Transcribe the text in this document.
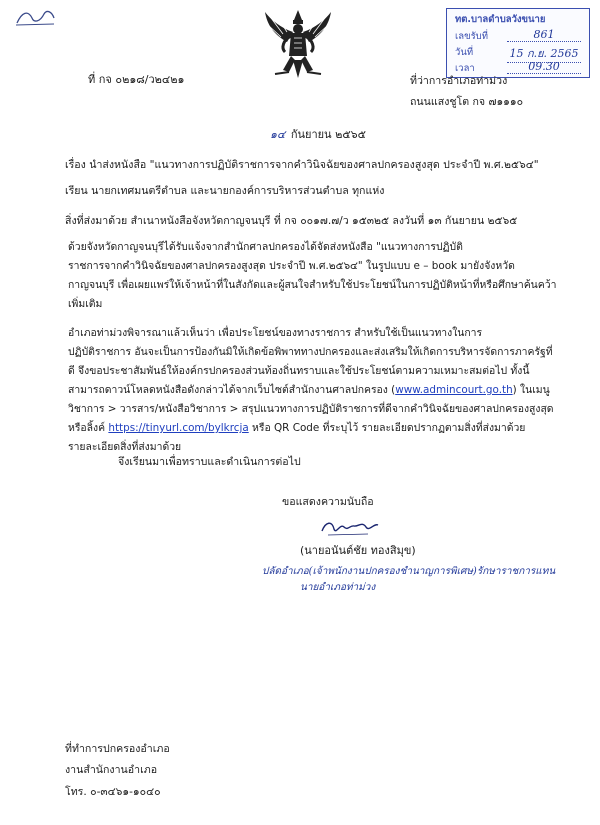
ทต.บาลดำบลวังขนาย
เลขรับที่	861
วันที่	15 ก.ย. 2565
เวลา	09.30
ที่ กจ ๐๒๑๘/ว๒๔๒๑	ที่ว่าการอำเภอท่าม่วง
ถนนแสงชูโต กจ ๗๑๑๑๐
๑๔ กันยายน ๒๕๖๕
เรื่อง นำส่งหนังสือ "แนวทางการปฏิบัติราชการจากคำวินิจฉัยของศาลปกครองสูงสุด ประจำปี พ.ศ.๒๕๖๔"
เรียน นายกเทศมนตรีตำบล และนายกองค์การบริหารส่วนตำบล ทุกแห่ง
สิ่งที่ส่งมาด้วย สำเนาหนังสือจังหวัดกาญจนบุรี ที่ กจ ๐๐๑๗.๗/ว ๑๕๓๒๕ ลงวันที่ ๑๓ กันยายน ๒๕๖๕
ด้วยจังหวัดกาญจนบุรีได้รับแจ้งจากสำนักศาลปกครองได้จัดส่งหนังสือ "แนวทางการปฏิบัติ
ราชการจากคำวินิจฉัยของศาลปกครองสูงสุด ประจำปี พ.ศ.๒๕๖๔" ในรูปแบบ e – book มายังจังหวัด
กาญจนบุรี เพื่อเผยแพร่ให้เจ้าหน้าที่ในสังกัดและผู้สนใจสำหรับใช้ประโยชน์ในการปฏิบัติหน้าที่หรือศึกษาค้นคว้า
เพิ่มเติม
อำเภอท่าม่วงพิจารณาแล้วเห็นว่า เพื่อประโยชน์ของทางราชการ สำหรับใช้เป็นแนวทางในการ
ปฏิบัติราชการ อันจะเป็นการป้องกันมิให้เกิดข้อพิพาททางปกครองและส่งเสริมให้เกิดการบริหารจัดการภาครัฐที่
ดี จึงขอประชาสัมพันธ์ให้องค์กรปกครองส่วนท้องถิ่นทราบและใช้ประโยชน์ตามความเหมาะสมต่อไป ทั้งนี้
สามารถดาวน์โหลดหนังสือดังกล่าวได้จากเว็บไซต์สำนักงานศาลปกครอง (www.admincourt.go.th) ในเมนู
วิชาการ > วารสาร/หนังสือวิชาการ > สรุปแนวทางการปฏิบัติราชการที่ดีจากคำวินิจฉัยของศาลปกครองสูงสุด
หรือลิ้งค์ https://tinyurl.com/bylkrcja หรือ QR Code ที่ระบุไว้ รายละเอียดปรากฏตามสิ่งที่ส่งมาด้วย
รายละเอียดสิ่งที่ส่งมาด้วย
จึงเรียนมาเพื่อทราบและดำเนินการต่อไป
ขอแสดงความนับถือ
(นายอนันต์ชัย ทองสิมุข)
ปลัดอำเภอ(เจ้าพนักงานปกครองชำนาญการพิเศษ)รักษาราชการแทน
นายอำเภอท่าม่วง
ที่ทำการปกครองอำเภอ
งานสำนักงานอำเภอ
โทร. ๐-๓๔๖๑-๑๐๔๐
